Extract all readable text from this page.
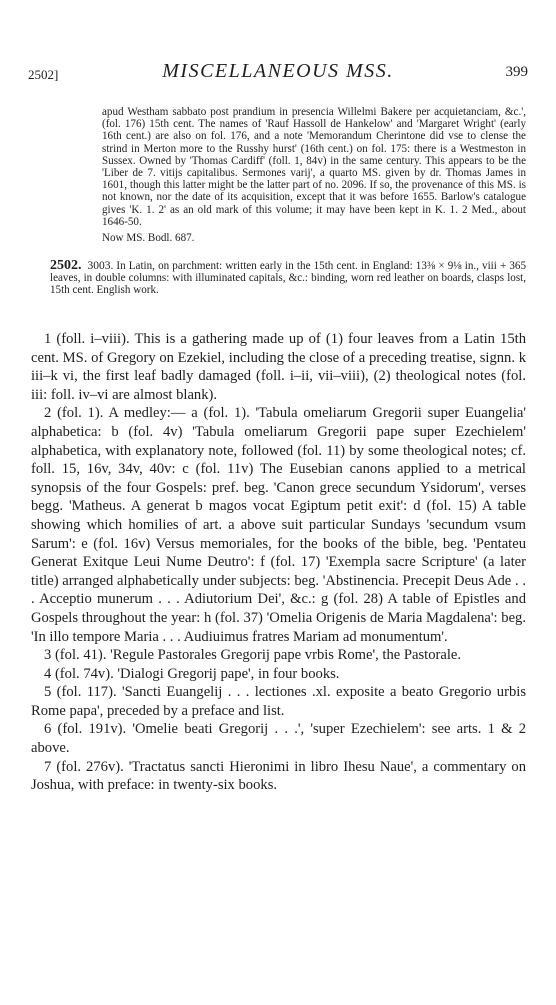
2502]	MISCELLANEOUS MSS.	399

apud Westham sabbato post prandium in presencia Willelmi Bakere per acquietanciam, &c.', (fol. 176) 15th cent. The names of 'Rauf Hassoll de Hankelow' and 'Margaret Wright' (early 16th cent.) are also on fol. 176, and a note 'Memorandum Cherintone did vse to clense the strind in Merton more to the Russhy hurst' (16th cent.) on fol. 175: there is a Westmeston in Sussex. Owned by 'Thomas Cardiff' (foll. 1, 84v) in the same century. This appears to be the 'Liber de 7. vitijs capitalibus. Sermones varij', a quarto MS. given by dr. Thomas James in 1601, though this latter might be the latter part of no. 2096. If so, the provenance of this MS. is not known, nor the date of its acquisition, except that it was before 1655. Barlow's catalogue gives 'K. 1. 2' as an old mark of this volume; it may have been kept in K. 1. 2 Med., about 1646-50.

Now MS. Bodl. 687.

2502. 3003. In Latin, on parchment: written early in the 15th cent. in England: 13⅜ × 9⅛ in., viii + 365 leaves, in double columns: with illuminated capitals, &c.: binding, worn red leather on boards, clasps lost, 15th cent. English work.

1 (foll. i–viii). This is a gathering made up of (1) four leaves from a Latin 15th cent. MS. of Gregory on Ezekiel, including the close of a preceding treatise, signn. k iii–k vi, the first leaf badly damaged (foll. i–ii, vii–viii), (2) theological notes (fol. iii: foll. iv–vi are almost blank).

2 (fol. 1). A medley:— a (fol. 1). 'Tabula omeliarum Gregorii super Euangelia' alphabetica: b (fol. 4v) 'Tabula omeliarum Gregorii pape super Ezechielem' alphabetica, with explanatory note, followed (fol. 11) by some theological notes; cf. foll. 15, 16v, 34v, 40v: c (fol. 11v) The Eusebian canons applied to a metrical synopsis of the four Gospels: pref. beg. 'Canon grece secundum Ysidorum', verses begg. 'Matheus. A generat b magos vocat Egiptum petit exit': d (fol. 15) A table showing which homilies of art. a above suit particular Sundays 'secundum vsum Sarum': e (fol. 16v) Versus memoriales, for the books of the bible, beg. 'Pentateu Generat Exitque Leui Nume Deutro': f (fol. 17) 'Exempla sacre Scripture' (a later title) arranged alphabetically under subjects: beg. 'Abstinencia. Precepit Deus Ade . . . Acceptio munerum . . . Adiutorium Dei', &c.: g (fol. 28) A table of Epistles and Gospels throughout the year: h (fol. 37) 'Omelia Origenis de Maria Magdalena': beg. 'In illo tempore Maria . . . Audiuimus fratres Mariam ad monumentum'.

3 (fol. 41). 'Regule Pastorales Gregorij pape vrbis Rome', the Pastorale.

4 (fol. 74v). 'Dialogi Gregorij pape', in four books.

5 (fol. 117). 'Sancti Euangelij . . . lectiones .xl. exposite a beato Gregorio urbis Rome papa', preceded by a preface and list.

6 (fol. 191v). 'Omelie beati Gregorij . . .', 'super Ezechielem': see arts. 1 & 2 above.

7 (fol. 276v). 'Tractatus sancti Hieronimi in libro Ihesu Naue', a commentary on Joshua, with preface: in twenty-six books.
